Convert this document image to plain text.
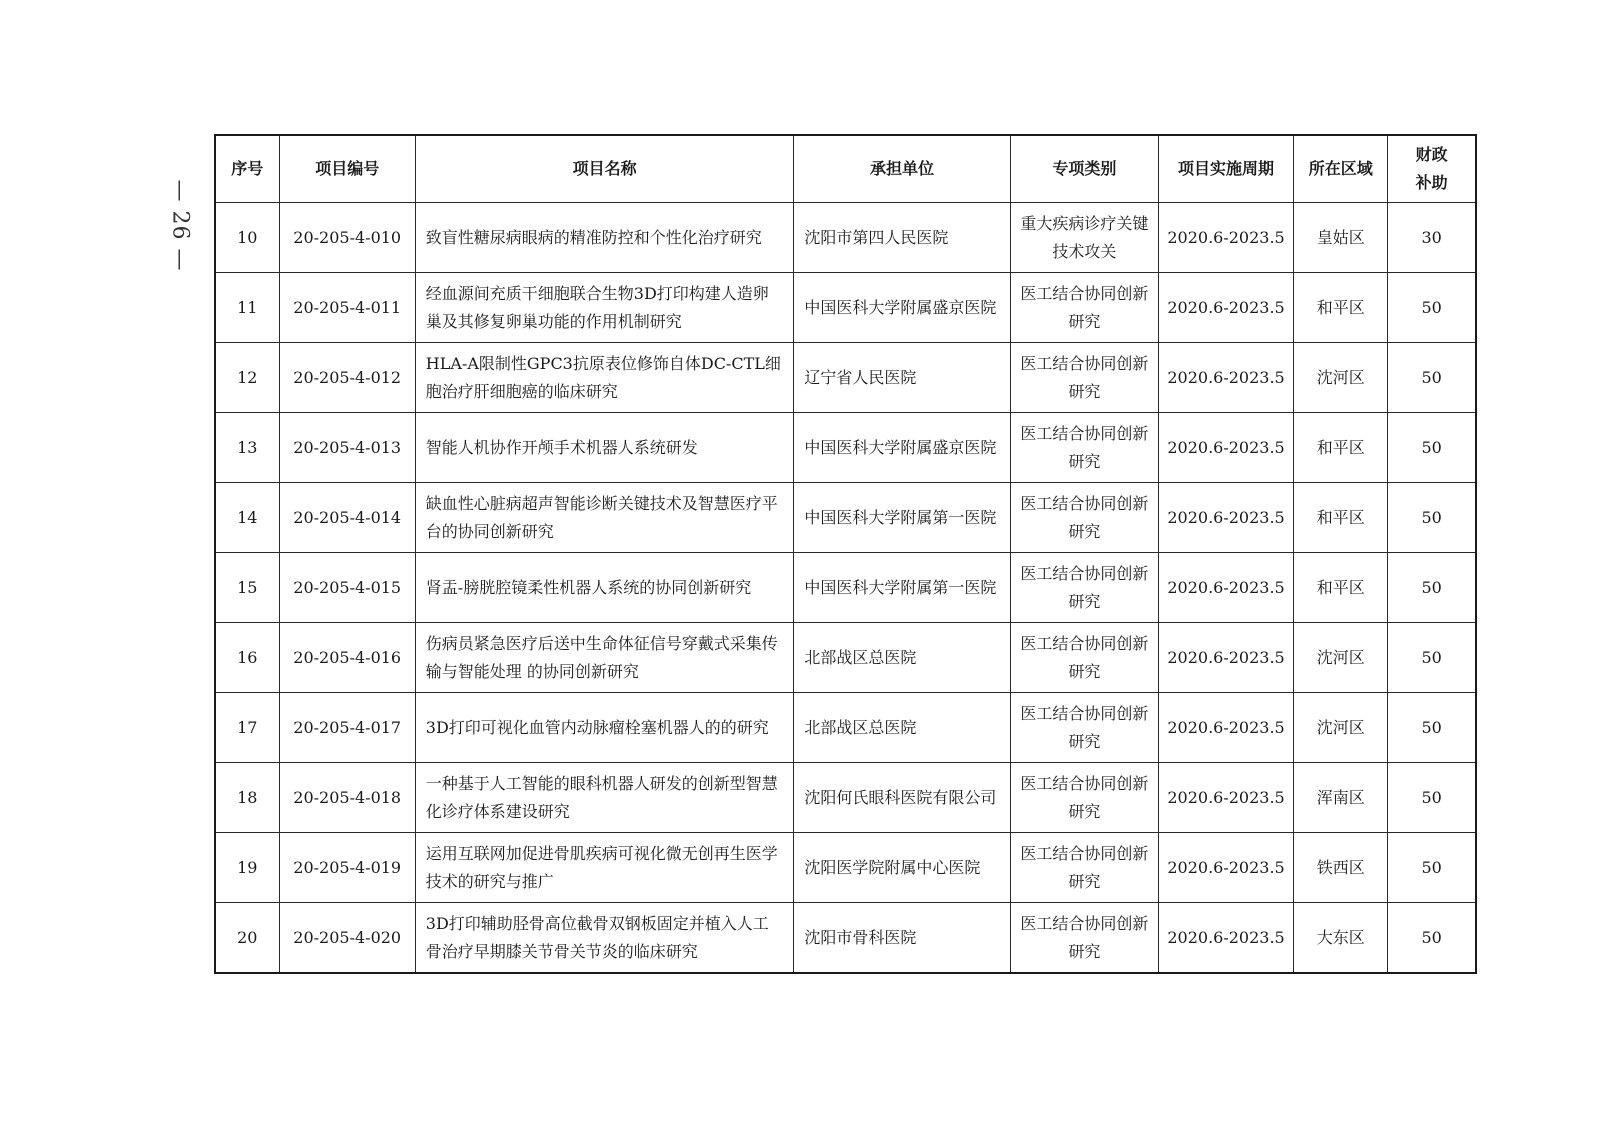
— 26 —
序号	项目编号	项目名称	承担单位	专项类别	项目实施周期	所在区域	财政
补助

10	20-205-4-010	致盲性糖尿病眼病的精准防控和个性化治疗研究	沈阳市第四人民医院	重大疾病诊疗关键技术攻关	2020.6-2023.5	皇姑区	30
11	20-205-4-011	经血源间充质干细胞联合生物3D打印构建人造卵巢及其修复卵巢功能的作用机制研究	中国医科大学附属盛京医院	医工结合协同创新研究	2020.6-2023.5	和平区	50
12	20-205-4-012	HLA-A限制性GPC3抗原表位修饰自体DC-CTL细胞治疗肝细胞癌的临床研究	辽宁省人民医院	医工结合协同创新研究	2020.6-2023.5	沈河区	50
13	20-205-4-013	智能人机协作开颅手术机器人系统研发	中国医科大学附属盛京医院	医工结合协同创新研究	2020.6-2023.5	和平区	50
14	20-205-4-014	缺血性心脏病超声智能诊断关键技术及智慧医疗平台的协同创新研究	中国医科大学附属第一医院	医工结合协同创新研究	2020.6-2023.5	和平区	50
15	20-205-4-015	肾盂-膀胱腔镜柔性机器人系统的协同创新研究	中国医科大学附属第一医院	医工结合协同创新研究	2020.6-2023.5	和平区	50
16	20-205-4-016	伤病员紧急医疗后送中生命体征信号穿戴式采集传输与智能处理 的协同创新研究	北部战区总医院	医工结合协同创新研究	2020.6-2023.5	沈河区	50
17	20-205-4-017	3D打印可视化血管内动脉瘤栓塞机器人的的研究	北部战区总医院	医工结合协同创新研究	2020.6-2023.5	沈河区	50
18	20-205-4-018	一种基于人工智能的眼科机器人研发的创新型智慧化诊疗体系建设研究	沈阳何氏眼科医院有限公司	医工结合协同创新研究	2020.6-2023.5	浑南区	50
19	20-205-4-019	运用互联网加促进骨肌疾病可视化微无创再生医学技术的研究与推广	沈阳医学院附属中心医院	医工结合协同创新研究	2020.6-2023.5	铁西区	50
20	20-205-4-020	3D打印辅助胫骨高位截骨双钢板固定并植入人工骨治疗早期膝关节骨关节炎的临床研究	沈阳市骨科医院	医工结合协同创新研究	2020.6-2023.5	大东区	50
